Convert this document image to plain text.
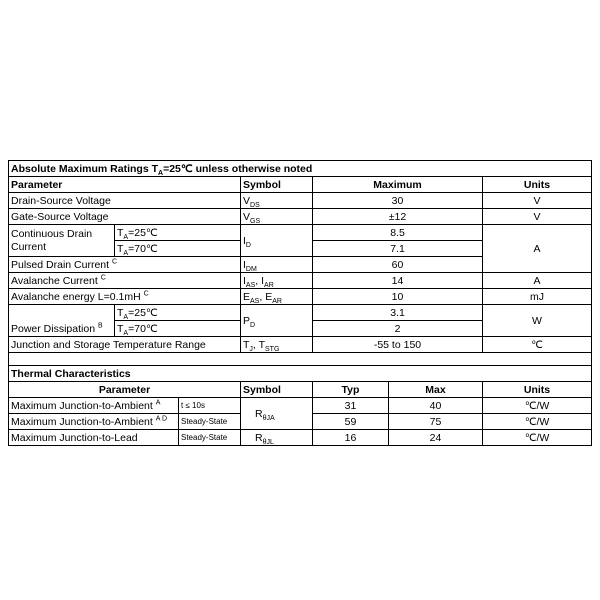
Absolute Maximum Ratings $T_A=25℃$ unless otherwise noted					
Parameter		Symbol	Maximum		Units
Drain-Source Voltage		$V_{DS}$	30		V
Gate-Source Voltage		$V_{GS}$	±12		V
Continuous Drain
Current	$T_A=25℃$	$I_D$	8.5		A
	$T_A=70℃$		7.1		
Pulsed Drain Current $^C$		$I_{DM}$	60		
Avalanche Current $^C$		$I_{AS}$, $I_{AR}$	14		A
Avalanche energy L=0.1mH $^C$		$E_{AS}$, $E_{AR}$	10		mJ
Power Dissipation $^B$	$T_A=25℃$	$P_D$	3.1		W
	$T_A=70℃$		2		
Junction and Storage Temperature Range		$T_J$, $T_{STG}$	-55 to 150		℃

Thermal Characteristics					
Parameter		Symbol	Typ	Max	Units
Maximum Junction-to-Ambient $^A$	t ≤ 10s	$R_{\theta JA}$	31	40	℃/W
Maximum Junction-to-Ambient $^{A D}$	Steady-State		59	75	℃/W
Maximum Junction-to-Lead	Steady-State	$R_{\theta JL}$	16	24	℃/W
